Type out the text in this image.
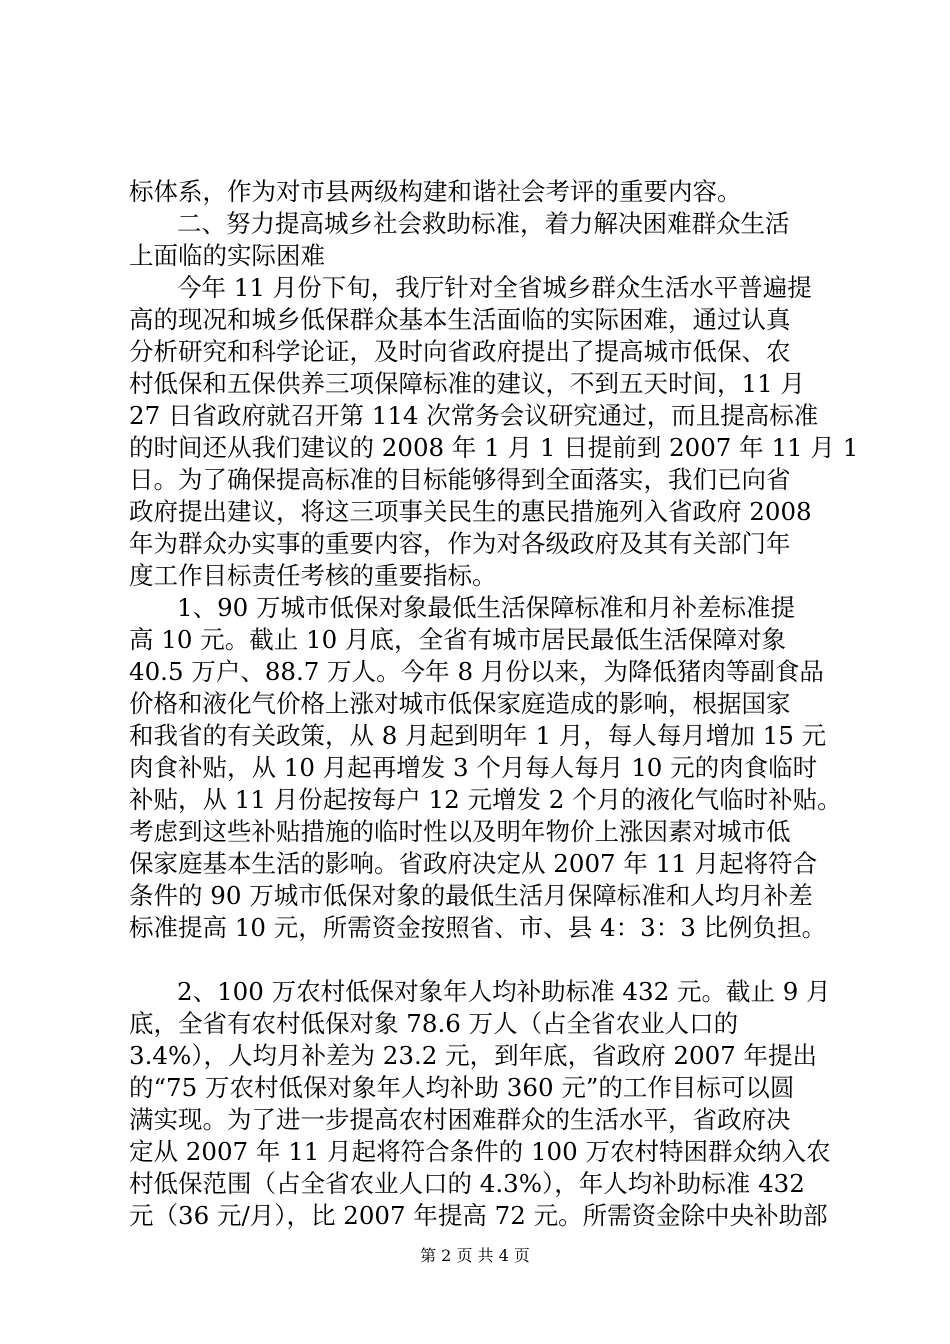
标体系，作为对市县两级构建和谐社会考评的重要内容。
二、努力提高城乡社会救助标准，着力解决困难群众生活
上面临的实际困难
今年 11 月份下旬，我厅针对全省城乡群众生活水平普遍提
高的现况和城乡低保群众基本生活面临的实际困难，通过认真
分析研究和科学论证，及时向省政府提出了提高城市低保、农
村低保和五保供养三项保障标准的建议，不到五天时间，11 月
27 日省政府就召开第 114 次常务会议研究通过，而且提高标准
的时间还从我们建议的 2008 年 1 月 1 日提前到 2007 年 11 月 1
日。为了确保提高标准的目标能够得到全面落实，我们已向省
政府提出建议，将这三项事关民生的惠民措施列入省政府 2008
年为群众办实事的重要内容，作为对各级政府及其有关部门年
度工作目标责任考核的重要指标。
1、90 万城市低保对象最低生活保障标准和月补差标准提
高 10 元。截止 10 月底，全省有城市居民最低生活保障对象
40.5 万户、88.7 万人。今年 8 月份以来，为降低猪肉等副食品
价格和液化气价格上涨对城市低保家庭造成的影响，根据国家
和我省的有关政策，从 8 月起到明年 1 月，每人每月增加 15 元
肉食补贴，从 10 月起再增发 3 个月每人每月 10 元的肉食临时
补贴，从 11 月份起按每户 12 元增发 2 个月的液化气临时补贴。
考虑到这些补贴措施的临时性以及明年物价上涨因素对城市低
保家庭基本生活的影响。省政府决定从 2007 年 11 月起将符合
条件的 90 万城市低保对象的最低生活月保障标准和人均月补差
标准提高 10 元，所需资金按照省、市、县 4：3：3 比例负担。
2、100 万农村低保对象年人均补助标准 432 元。截止 9 月
底，全省有农村低保对象 78.6 万人（占全省农业人口的
3.4%），人均月补差为 23.2 元，到年底，省政府 2007 年提出
的“75 万农村低保对象年人均补助 360 元”的工作目标可以圆
满实现。为了进一步提高农村困难群众的生活水平，省政府决
定从 2007 年 11 月起将符合条件的 100 万农村特困群众纳入农
村低保范围（占全省农业人口的 4.3%），年人均补助标准 432
元（36 元/月），比 2007 年提高 72 元。所需资金除中央补助部
第 2 页 共 4 页
